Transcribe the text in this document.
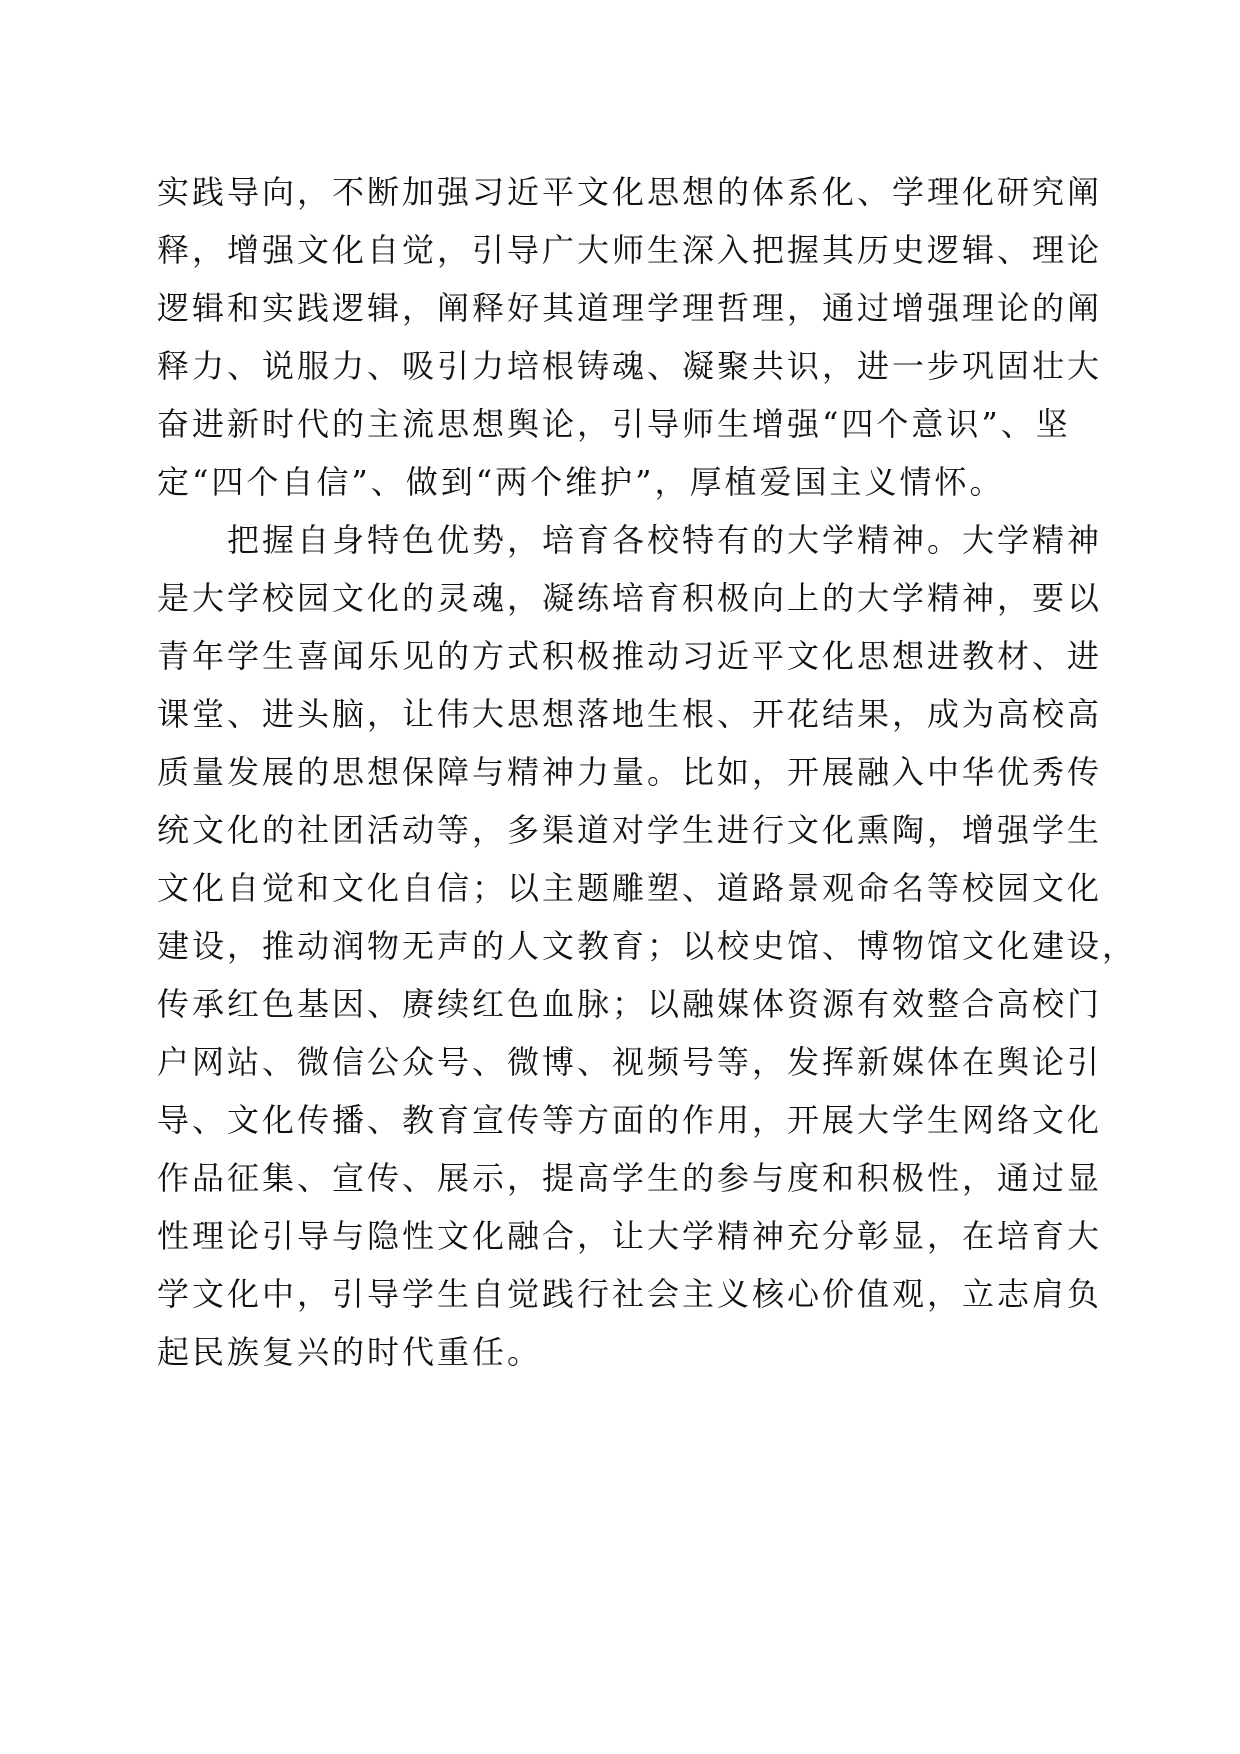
实践导向，不断加强习近平文化思想的体系化、学理化研究阐
释，增强文化自觉，引导广大师生深入把握其历史逻辑、理论
逻辑和实践逻辑，阐释好其道理学理哲理，通过增强理论的阐
释力、说服力、吸引力培根铸魂、凝聚共识，进一步巩固壮大
奋进新时代的主流思想舆论，引导师生增强“四个意识”、坚
定“四个自信”、做到“两个维护”，厚植爱国主义情怀。
把握自身特色优势，培育各校特有的大学精神。大学精神
是大学校园文化的灵魂，凝练培育积极向上的大学精神，要以
青年学生喜闻乐见的方式积极推动习近平文化思想进教材、进
课堂、进头脑，让伟大思想落地生根、开花结果，成为高校高
质量发展的思想保障与精神力量。比如，开展融入中华优秀传
统文化的社团活动等，多渠道对学生进行文化熏陶，增强学生
文化自觉和文化自信；以主题雕塑、道路景观命名等校园文化
建设，推动润物无声的人文教育；以校史馆、博物馆文化建设，
传承红色基因、赓续红色血脉；以融媒体资源有效整合高校门
户网站、微信公众号、微博、视频号等，发挥新媒体在舆论引
导、文化传播、教育宣传等方面的作用，开展大学生网络文化
作品征集、宣传、展示，提高学生的参与度和积极性，通过显
性理论引导与隐性文化融合，让大学精神充分彰显，在培育大
学文化中，引导学生自觉践行社会主义核心价值观，立志肩负
起民族复兴的时代重任。
